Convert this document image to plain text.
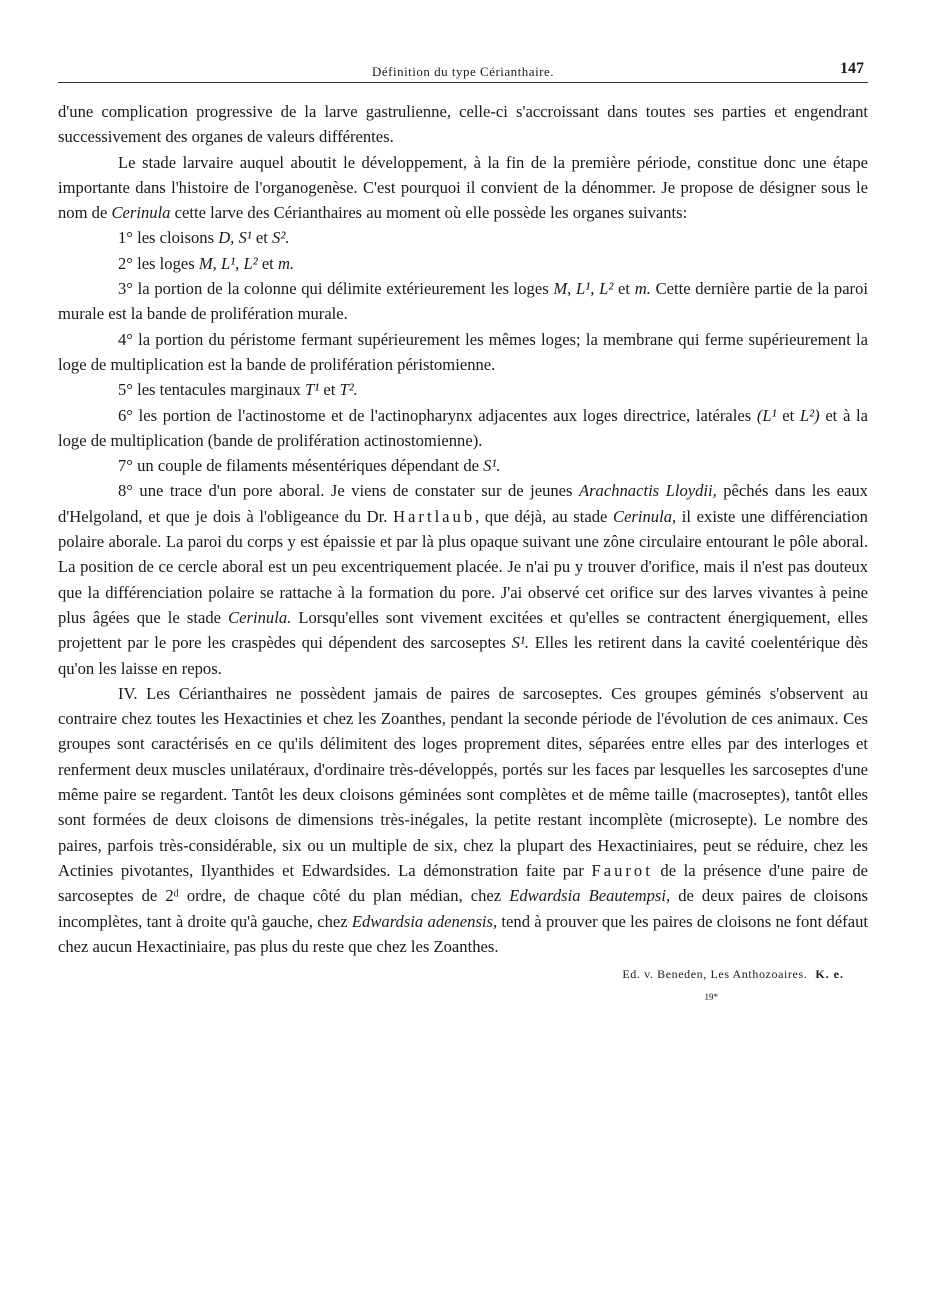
Définition du type Cérianthaire.	147

d'une complication progressive de la larve gastrulienne, celle-ci s'accroissant dans toutes ses parties et engendrant successivement des organes de valeurs différentes.

Le stade larvaire auquel aboutit le développement, à la fin de la première période, constitue donc une étape importante dans l'histoire de l'organogenèse. C'est pourquoi il convient de la dénommer. Je propose de désigner sous le nom de Cerinula cette larve des Cérianthaires au moment où elle possède les organes suivants:

1° les cloisons D, S¹ et S².

2° les loges M, L¹, L² et m.

3° la portion de la colonne qui délimite extérieurement les loges M, L¹, L² et m. Cette dernière partie de la paroi murale est la bande de prolifération murale.

4° la portion du péristome fermant supérieurement les mêmes loges; la membrane qui ferme supérieurement la loge de multiplication est la bande de prolifération péristomienne.

5° les tentacules marginaux T¹ et T².

6° les portion de l'actinostome et de l'actinopharynx adjacentes aux loges directrice, latérales (L¹ et L²) et à la loge de multiplication (bande de prolifération actinostomienne).

7° un couple de filaments mésentériques dépendant de S¹.

8° une trace d'un pore aboral. Je viens de constater sur de jeunes Arachnactis Lloydii, pêchés dans les eaux d'Helgoland, et que je dois à l'obligeance du Dr. Hartlaub, que déjà, au stade Cerinula, il existe une différenciation polaire aborale. La paroi du corps y est épaissie et par là plus opaque suivant une zône circulaire entourant le pôle aboral. La position de ce cercle aboral est un peu excentriquement placée. Je n'ai pu y trouver d'orifice, mais il n'est pas douteux que la différenciation polaire se rattache à la formation du pore. J'ai observé cet orifice sur des larves vivantes à peine plus âgées que le stade Cerinula. Lorsqu'elles sont vivement excitées et qu'elles se contractent énergiquement, elles projettent par le pore les craspèdes qui dépendent des sarcoseptes S¹. Elles les retirent dans la cavité coelentérique dès qu'on les laisse en repos.

IV. Les Cérianthaires ne possèdent jamais de paires de sarcoseptes. Ces groupes géminés s'observent au contraire chez toutes les Hexactinies et chez les Zoanthes, pendant la seconde période de l'évolution de ces animaux. Ces groupes sont caractérisés en ce qu'ils délimitent des loges proprement dites, séparées entre elles par des interloges et renferment deux muscles unilatéraux, d'ordinaire très-développés, portés sur les faces par lesquelles les sarcoseptes d'une même paire se regardent. Tantôt les deux cloisons géminées sont complètes et de même taille (macroseptes), tantôt elles sont formées de deux cloisons de dimensions très-inégales, la petite restant incomplète (microsepte). Le nombre des paires, parfois très-considérable, six ou un multiple de six, chez la plupart des Hexactiniaires, peut se réduire, chez les Actinies pivotantes, Ilyanthides et Edwardsides. La démonstration faite par Faurot de la présence d'une paire de sarcoseptes de 2ᵈ ordre, de chaque côté du plan médian, chez Edwardsia Beautempsi, de deux paires de cloisons incomplètes, tant à droite qu'à gauche, chez Edwardsia adenensis, tend à prouver que les paires de cloisons ne font défaut chez aucun Hexactiniaire, pas plus du reste que chez les Zoanthes.

Ed. v. Beneden, Les Anthozoaires. K. e.
19*
